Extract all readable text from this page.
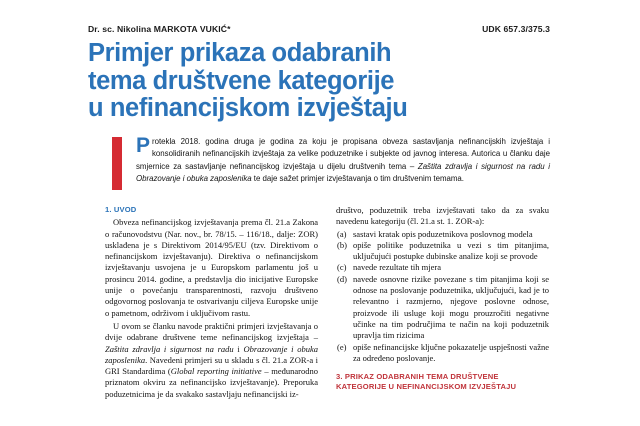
Dr. sc. Nikolina MARKOTA VUKIĆ*	UDK 657.3/375.3
Primjer prikaza odabranih
tema društvene kategorije
u nefinancijskom izvještaju
Protekla 2018. godina druga je godina za koju je propisana obveza sastavljanja nefinancijskih izvještaja i konsolidiranih nefinancijskih izvještaja za velike poduzetnike i subjekte od javnog interesa. Autorica u članku daje smjernice za sastavljanje nefinancijskog izvještaja u dijelu društvenih tema – Zaštita zdravlja i sigurnost na radu i Obrazovanje i obuka zaposlenika te daje sažet primjer izvještavanja o tim društvenim temama.
1. UVOD

Obveza nefinancijskog izvještavanja prema čl. 21.a Zakona o računovodstvu (Nar. nov., br. 78/15. – 116/18., dalje: ZOR) usklađena je s Direktivom 2014/95/EU (tzv. Direktivom o nefinancijskom izvještavanju). Direktiva o nefinancijskom izvještavanju usvojena je u Europskom parlamentu još u prosincu 2014. godine, a predstavlja dio inicijative Europske unije o povećanju transparentnosti, razvoju društveno odgovornog poslovanja te ostvarivanju ciljeva Europske unije o pametnom, održivom i uključivom rastu.

U ovom se članku navode praktični primjeri izvještavanja o dvije odabrane društvene teme nefinancijskog izvještaja – Zaštita zdravlja i sigurnost na radu i Obrazovanje i obuka zaposlenika. Navedeni primjeri su u skladu s čl. 21.a ZOR-a i GRI Standardima (Global reporting initiative – međunarodno priznatom okviru za nefinancijsko izvještavanje). Preporuka poduzetnicima je da svakako sastavljaju nefinancijski iz-

društvo, poduzetnik treba izvještavati tako da za svaku navedenu kategoriju (čl. 21.a st. 1. ZOR-a):

(a) sastavi kratak opis poduzetnikova poslovnog modela
(b) opiše politike poduzetnika u vezi s tim pitanjima, uključujući postupke dubinske analize koji se provode
(c) navede rezultate tih mjera
(d) navede osnovne rizike povezane s tim pitanjima koji se odnose na poslovanje poduzetnika, uključujući, kad je to relevantno i razmjerno, njegove poslovne odnose, proizvode ili usluge koji mogu prouzročiti negativne učinke na tim područjima te način na koji poduzetnik upravlja tim rizicima
(e) opiše nefinancijske ključne pokazatelje uspješnosti važne za određeno poslovanje.
3. PRIKAZ ODABRANIH TEMA DRUŠTVENE
KATEGORIJE U NEFINANCIJSKOM IZVJEŠTAJU
